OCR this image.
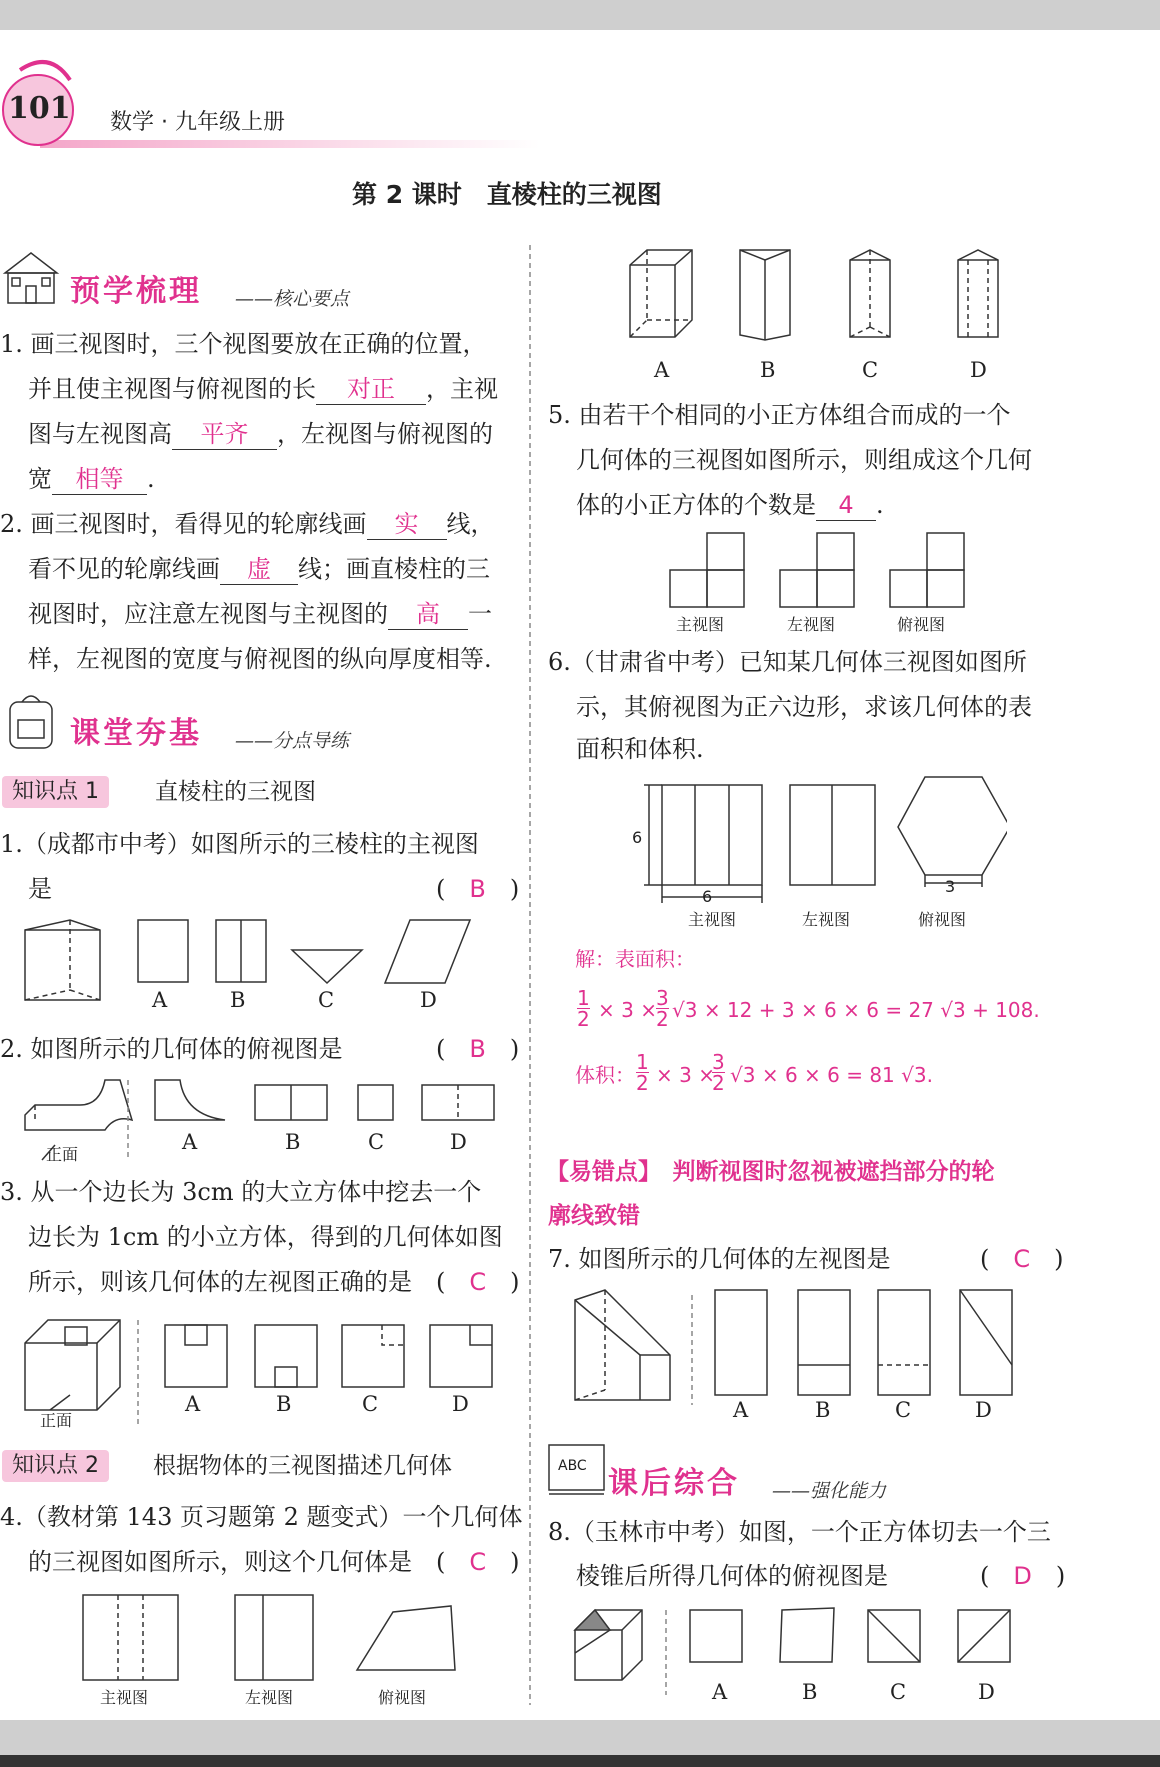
101 数学 · 九年级上册
第 2 课时　直棱柱的三视图
预学梳理 ——核心要点
1. 画三视图时，三个视图要放在正确的位置，
并且使主视图与俯视图的长 对正 ，主视
图与左视图高 平齐 ，左视图与俯视图的
宽 相等 .
2. 画三视图时，看得见的轮廓线画 实 线，
看不见的轮廓线画 虚 线；画直棱柱的三
视图时，应注意左视图与主视图的 高 一
样，左视图的宽度与俯视图的纵向厚度相等.
课堂夯基 ——分点导练
知识点 1	直棱柱的三视图
1.（成都市中考）如图所示的三棱柱的主视图
是	(　B　)
A	B	C	D
2. 如图所示的几何体的俯视图是	(　B　)
正面
A	B	C	D
3. 从一个边长为 3cm 的大立方体中挖去一个
边长为 1cm 的小立方体，得到的几何体如图
所示，则该几何体的左视图正确的是 (　C　)
正面
A	B	C	D
知识点 2	根据物体的三视图描述几何体
4.（教材第 143 页习题第 2 题变式）一个几何体
的三视图如图所示，则这个几何体是 (　C　)
主视图	左视图	俯视图
A	B	C	D
5. 由若干个相同的小正方体组合而成的一个
几何体的三视图如图所示，则组成这个几何
体的小正方体的个数是 4 .
主视图	左视图	俯视图
6.（甘肃省中考）已知某几何体三视图如图所
示，其俯视图为正六边形，求该几何体的表
面积和体积.
6
6
3
主视图	左视图	俯视图
解：表面积：
1
2 × 3 × 3
2 √3 × 12 + 3 × 6 × 6 = 27 √3 + 108.
体积：
1
2 × 3 ×
3
2 √3 × 6 × 6 = 81 √3.
【易错点】　判断视图时忽视被遮挡部分的轮
廓线致错
7. 如图所示的几何体的左视图是	(　C　)
A	B	C	D
ABC 课后综合 ——强化能力
8.（玉林市中考）如图，一个正方体切去一个三
棱锥后所得几何体的俯视图是	(　D　)
A	B	C	D
